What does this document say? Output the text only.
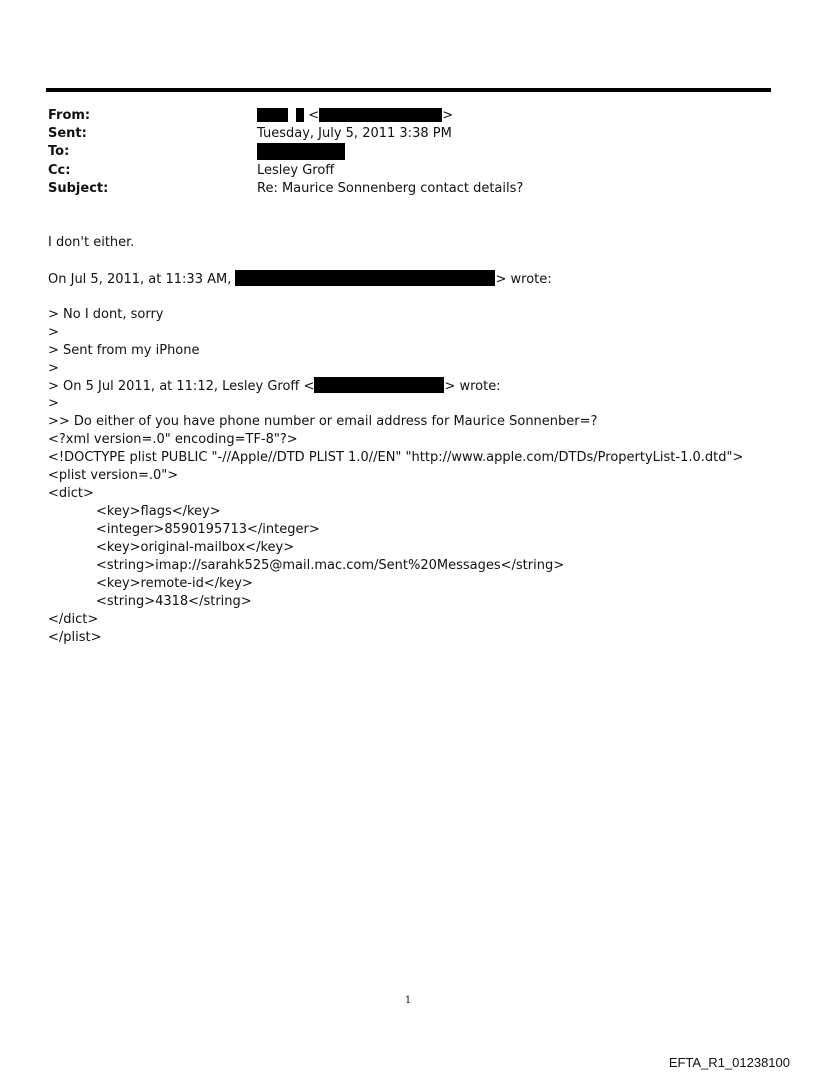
From:	<	>
Sent:	Tuesday, July 5, 2011 3:38 PM
To:
Cc:	Lesley Groff
Subject:	Re: Maurice Sonnenberg contact details?
I don't either.
On Jul 5, 2011, at 11:33 AM,	> wrote:
> No I dont, sorry
>
> Sent from my iPhone
>
> On 5 Jul 2011, at 11:12, Lesley Groff <	> wrote:
>
>> Do either of you have phone number or email address for Maurice Sonnenber=?
<?xml version=.0" encoding=TF-8"?>
<!DOCTYPE plist PUBLIC "-//Apple//DTD PLIST 1.0//EN" "http://www.apple.com/DTDs/PropertyList-1.0.dtd">
<plist version=.0">
<dict>
<key>flags</key>
<integer>8590195713</integer>
<key>original-mailbox</key>
<string>imap://sarahk525@mail.mac.com/Sent%20Messages</string>
<key>remote-id</key>
<string>4318</string>
</dict>
</plist>
1
EFTA_R1_01238100
